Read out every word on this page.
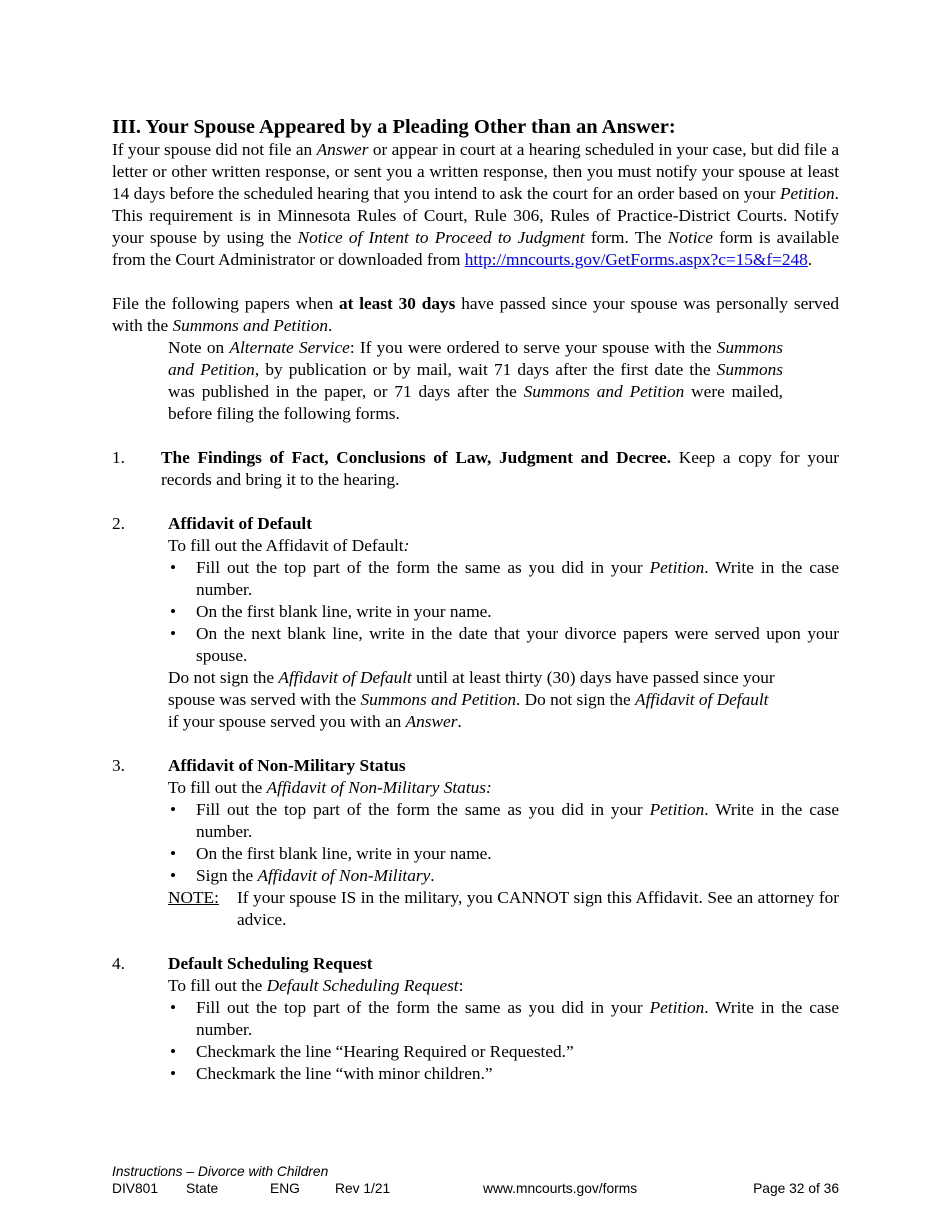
III. Your Spouse Appeared by a Pleading Other than an Answer:

If your spouse did not file an Answer or appear in court at a hearing scheduled in your case, but did file a letter or other written response, or sent you a written response, then you must notify your spouse at least 14 days before the scheduled hearing that you intend to ask the court for an order based on your Petition. This requirement is in Minnesota Rules of Court, Rule 306, Rules of Practice-District Courts. Notify your spouse by using the Notice of Intent to Proceed to Judgment form. The Notice form is available from the Court Administrator or downloaded from http://mncourts.gov/GetForms.aspx?c=15&f=248.

File the following papers when at least 30 days have passed since your spouse was personally served with the Summons and Petition.

Note on Alternate Service: If you were ordered to serve your spouse with the Summons and Petition, by publication or by mail, wait 71 days after the first date the Summons was published in the paper, or 71 days after the Summons and Petition were mailed, before filing the following forms.

1.	The Findings of Fact, Conclusions of Law, Judgment and Decree. Keep a copy for your records and bring it to the hearing.
2.	Affidavit of Default

To fill out the Affidavit of Default:

• Fill out the top part of the form the same as you did in your Petition. Write in the case number.
• On the first blank line, write in your name.
• On the next blank line, write in the date that your divorce papers were served upon your spouse.

Do not sign the Affidavit of Default until at least thirty (30) days have passed since your spouse was served with the Summons and Petition. Do not sign the Affidavit of Default if your spouse served you with an Answer.

3.	Affidavit of Non-Military Status

To fill out the Affidavit of Non-Military Status:

• Fill out the top part of the form the same as you did in your Petition. Write in the case number.
• On the first blank line, write in your name.
• Sign the Affidavit of Non-Military.
NOTE:	If your spouse IS in the military, you CANNOT sign this Affidavit. See an attorney for advice.
4.	Default Scheduling Request

To fill out the Default Scheduling Request:

• Fill out the top part of the form the same as you did in your Petition. Write in the case number.
• Checkmark the line “Hearing Required or Requested.”
• Checkmark the line “with minor children.”
Instructions – Divorce with Children
DIV801 State	ENG	Rev 1/21	www.mncourts.gov/forms	Page 32 of 36
